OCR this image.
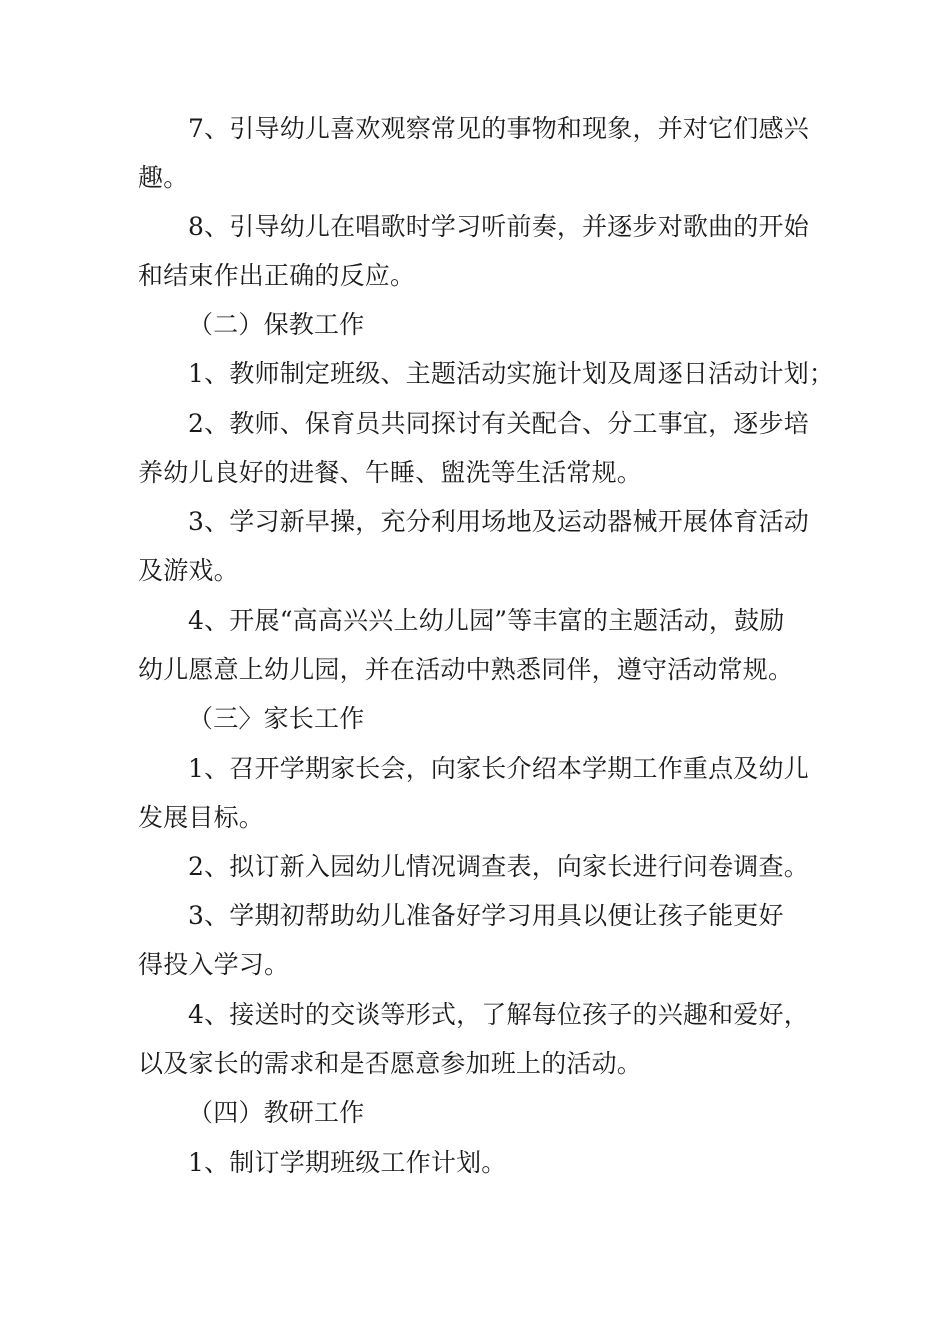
7、引导幼儿喜欢观察常见的事物和现象，并对它们感兴
趣。
8、引导幼儿在唱歌时学习听前奏，并逐步对歌曲的开始
和结束作出正确的反应。
（二）保教工作
1、教师制定班级、主题活动实施计划及周逐日活动计划；
2、教师、保育员共同探讨有关配合、分工事宜，逐步培
养幼儿良好的进餐、午睡、盥洗等生活常规。
3、学习新早操，充分利用场地及运动器械开展体育活动
及游戏。
4、开展“高高兴兴上幼儿园”等丰富的主题活动，鼓励
幼儿愿意上幼儿园，并在活动中熟悉同伴，遵守活动常规。
（三〉家长工作
1、召开学期家长会，向家长介绍本学期工作重点及幼儿
发展目标。
2、拟订新入园幼儿情况调查表，向家长进行问卷调查。
3、学期初帮助幼儿准备好学习用具以便让孩子能更好
得投入学习。
4、接送时的交谈等形式，了解每位孩子的兴趣和爱好，
以及家长的需求和是否愿意参加班上的活动。
（四）教研工作
1、制订学期班级工作计划。
